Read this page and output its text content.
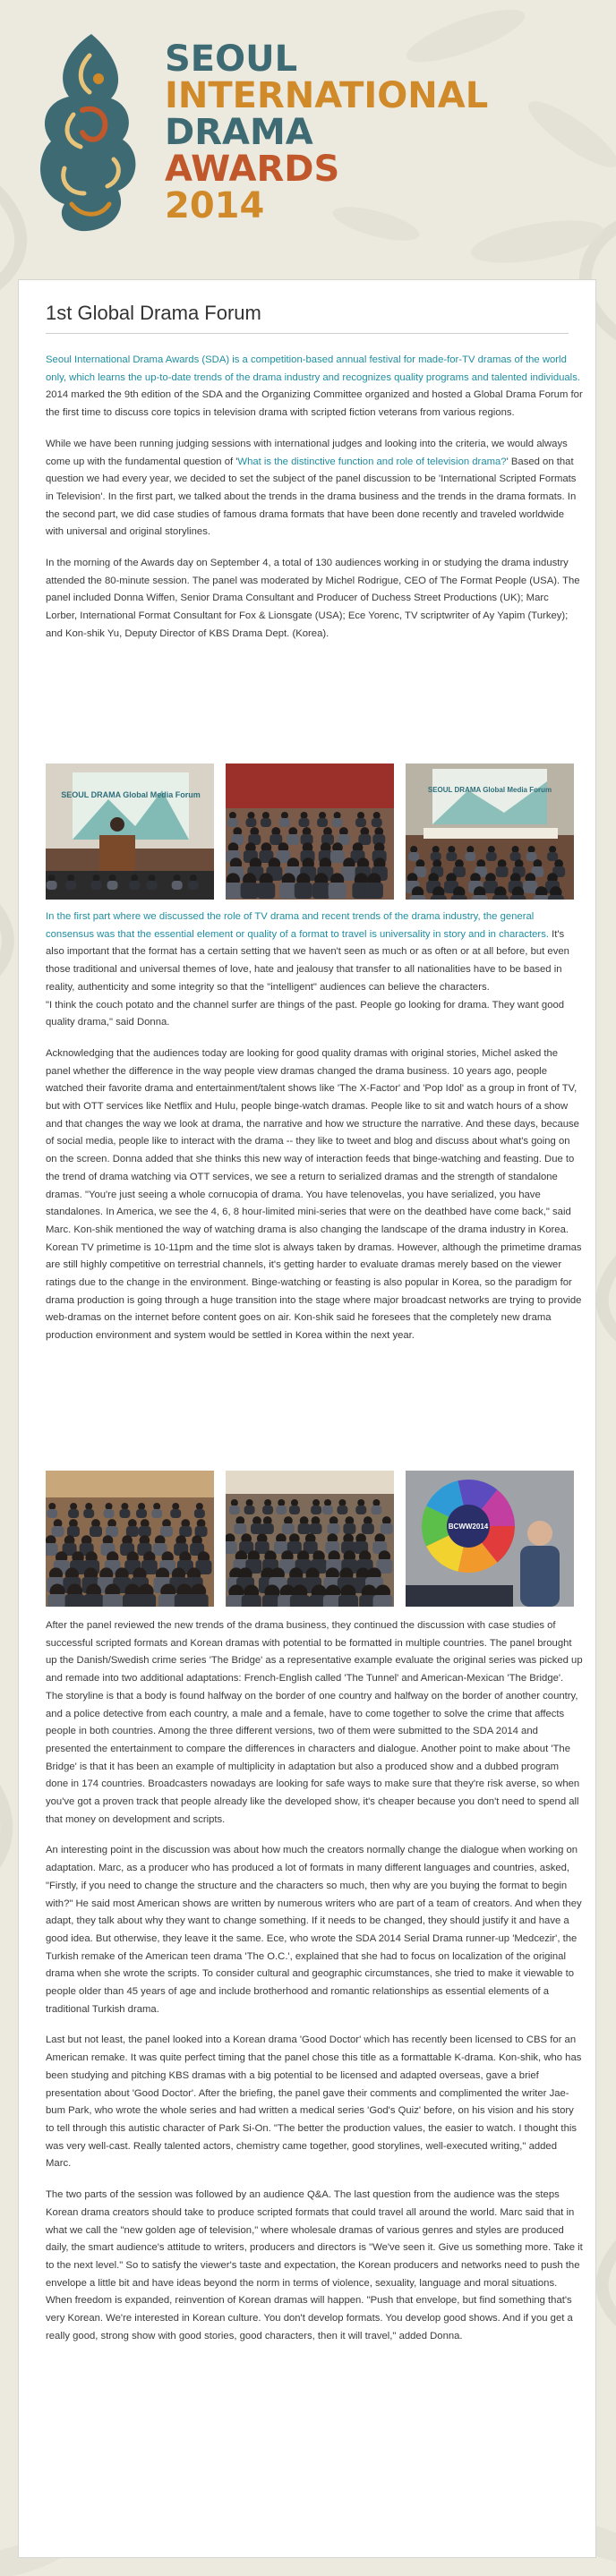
SEOUL
INTERNATIONAL
DRAMA
AWARDS
2014
1st Global Drama Forum

Seoul International Drama Awards (SDA) is a competition-based annual festival for made-for-TV dramas of the world only, which learns the up-to-date trends of the drama industry and recognizes quality programs and talented individuals. 2014 marked the 9th edition of the SDA and the Organizing Committee organized and hosted a Global Drama Forum for the first time to discuss core topics in television drama with scripted fiction veterans from various regions.

While we have been running judging sessions with international judges and looking into the criteria, we would always come up with the fundamental question of 'What is the distinctive function and role of television drama?' Based on that question we had every year, we decided to set the subject of the panel discussion to be 'International Scripted Formats in Television'. In the first part, we talked about the trends in the drama business and the trends in the drama formats. In the second part, we did case studies of famous drama formats that have been done recently and traveled worldwide with universal and original storylines.

In the morning of the Awards day on September 4, a total of 130 audiences working in or studying the drama industry attended the 80-minute session. The panel was moderated by Michel Rodrigue, CEO of The Format People (USA). The panel included Donna Wiffen, Senior Drama Consultant and Producer of Duchess Street Productions (UK); Marc Lorber, International Format Consultant for Fox & Lionsgate (USA); Ece Yorenc, TV scriptwriter of Ay Yapim (Turkey); and Kon-shik Yu, Deputy Director of KBS Drama Dept. (Korea).

SEOUL DRAMA Global Media Forum
SEOUL DRAMA Global Media Forum

In the first part where we discussed the role of TV drama and recent trends of the drama industry, the general consensus was that the essential element or quality of a format to travel is universality in story and in characters. It's also important that the format has a certain setting that we haven't seen as much or as often or at all before, but even those traditional and universal themes of love, hate and jealousy that transfer to all nationalities have to be based in reality, authenticity and some integrity so that the "intelligent" audiences can believe the characters.
"I think the couch potato and the channel surfer are things of the past. People go looking for drama. They want good quality drama," said Donna.

Acknowledging that the audiences today are looking for good quality dramas with original stories, Michel asked the panel whether the difference in the way people view dramas changed the drama business. 10 years ago, people watched their favorite drama and entertainment/talent shows like 'The X-Factor' and 'Pop Idol' as a group in front of TV, but with OTT services like Netflix and Hulu, people binge-watch dramas. People like to sit and watch hours of a show and that changes the way we look at drama, the narrative and how we structure the narrative. And these days, because of social media, people like to interact with the drama -- they like to tweet and blog and discuss about what's going on on the screen. Donna added that she thinks this new way of interaction feeds that binge-watching and feasting. Due to the trend of drama watching via OTT services, we see a return to serialized dramas and the strength of standalone dramas. "You're just seeing a whole cornucopia of drama. You have telenovelas, you have serialized, you have standalones. In America, we see the 4, 6, 8 hour-limited mini-series that were on the deathbed have come back," said Marc. Kon-shik mentioned the way of watching drama is also changing the landscape of the drama industry in Korea. Korean TV primetime is 10-11pm and the time slot is always taken by dramas. However, although the primetime dramas are still highly competitive on terrestrial channels, it's getting harder to evaluate dramas merely based on the viewer ratings due to the change in the environment. Binge-watching or feasting is also popular in Korea, so the paradigm for drama production is going through a huge transition into the stage where major broadcast networks are trying to provide web-dramas on the internet before content goes on air. Kon-shik said he foresees that the completely new drama production environment and system would be settled in Korea within the next year.

BCWW2014

After the panel reviewed the new trends of the drama business, they continued the discussion with case studies of successful scripted formats and Korean dramas with potential to be formatted in multiple countries. The panel brought up the Danish/Swedish crime series 'The Bridge' as a representative example evaluate the original series was picked up and remade into two additional adaptations: French-English called 'The Tunnel' and American-Mexican 'The Bridge'. The storyline is that a body is found halfway on the border of one country and halfway on the border of another country, and a police detective from each country, a male and a female, have to come together to solve the crime that affects people in both countries. Among the three different versions, two of them were submitted to the SDA 2014 and presented the entertainment to compare the differences in characters and dialogue. Another point to make about 'The Bridge' is that it has been an example of multiplicity in adaptation but also a produced show and a dubbed program done in 174 countries. Broadcasters nowadays are looking for safe ways to make sure that they're risk averse, so when you've got a proven track that people already like the developed show, it's cheaper because you don't need to spend all that money on development and scripts.

An interesting point in the discussion was about how much the creators normally change the dialogue when working on adaptation. Marc, as a producer who has produced a lot of formats in many different languages and countries, asked, "Firstly, if you need to change the structure and the characters so much, then why are you buying the format to begin with?" He said most American shows are written by numerous writers who are part of a team of creators. And when they adapt, they talk about why they want to change something. If it needs to be changed, they should justify it and have a good idea. But otherwise, they leave it the same. Ece, who wrote the SDA 2014 Serial Drama runner-up 'Medcezir', the Turkish remake of the American teen drama 'The O.C.', explained that she had to focus on localization of the original drama when she wrote the scripts. To consider cultural and geographic circumstances, she tried to make it viewable to people older than 45 years of age and include brotherhood and romantic relationships as essential elements of a traditional Turkish drama.

Last but not least, the panel looked into a Korean drama 'Good Doctor' which has recently been licensed to CBS for an American remake. It was quite perfect timing that the panel chose this title as a formattable K-drama. Kon-shik, who has been studying and pitching KBS dramas with a big potential to be licensed and adapted overseas, gave a brief presentation about 'Good Doctor'. After the briefing, the panel gave their comments and complimented the writer Jae-bum Park, who wrote the whole series and had written a medical series 'God's Quiz' before, on his vision and his story to tell through this autistic character of Park Si-On. "The better the production values, the easier to watch. I thought this was very well-cast. Really talented actors, chemistry came together, good storylines, well-executed writing," added Marc.

The two parts of the session was followed by an audience Q&A. The last question from the audience was the steps Korean drama creators should take to produce scripted formats that could travel all around the world. Marc said that in what we call the "new golden age of television," where wholesale dramas of various genres and styles are produced daily, the smart audience's attitude to writers, producers and directors is "We've seen it. Give us something more. Take it to the next level." So to satisfy the viewer's taste and expectation, the Korean producers and networks need to push the envelope a little bit and have ideas beyond the norm in terms of violence, sexuality, language and moral situations. When freedom is expanded, reinvention of Korean dramas will happen. "Push that envelope, but find something that's very Korean. We're interested in Korean culture. You don't develop formats. You develop good shows. And if you get a really good, strong show with good stories, good characters, then it will travel," added Donna.
